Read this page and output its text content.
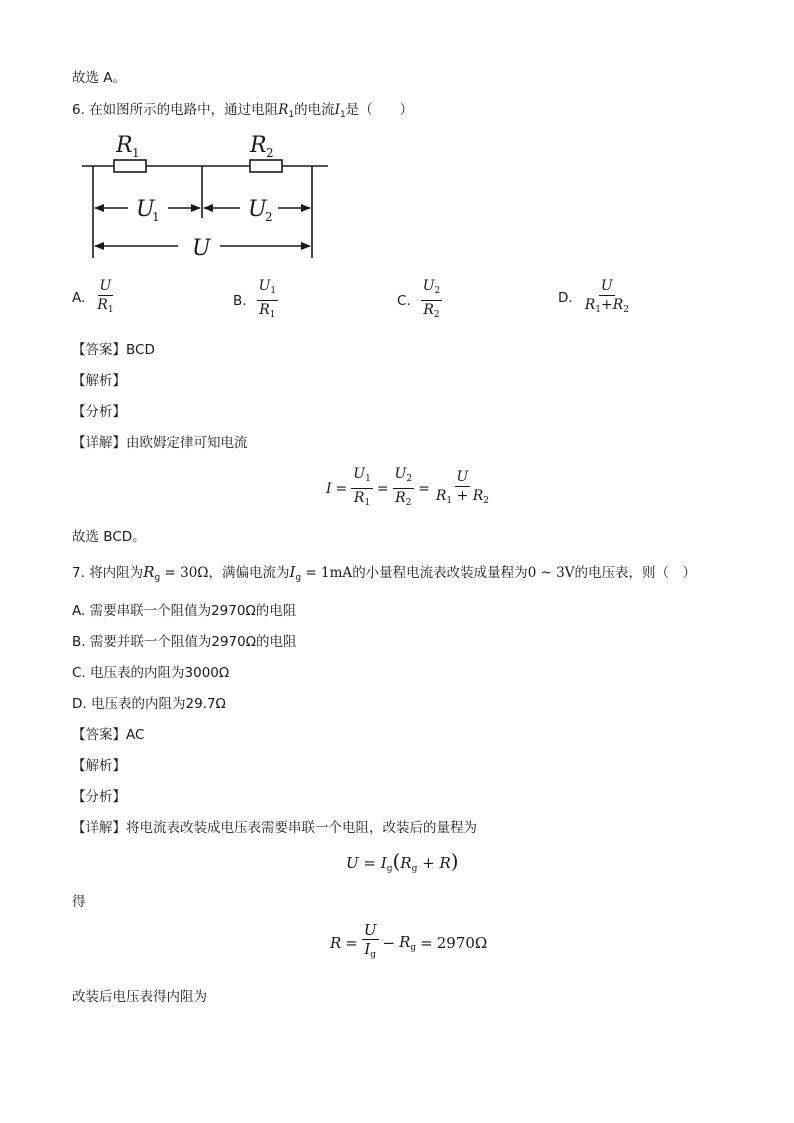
故选 A。
6. 在如图所示的电路中，通过电阻$R_1$的电流$I_1$是（　　）
R 1	R 2
U
1	U
2
U
A. $\frac{U}{R_1}$	B. $\frac{U_1}{R_1}$	C. $\frac{U_2}{R_2}$	D. $\frac{U}{R_1+R_2}$
【答案】BCD
【解析】
【分析】
【详解】由欧姆定律可知电流
$I = \frac{U_1}{R_1} = \frac{U_2}{R_2} = \frac{U}{R_1 + R_2}$
故选 BCD。
7. 将内阻为$R_g = 30\Omega$，满偏电流为$I_g = 1mA$的小量程电流表改装成量程为0 ~ 3V的电压表，则（　）
A. 需要串联一个阻值为2970Ω的电阻
B. 需要并联一个阻值为2970Ω的电阻
C. 电压表的内阻为3000Ω
D. 电压表的内阻为29.7Ω
【答案】AC
【解析】
【分析】
【详解】将电流表改装成电压表需要串联一个电阻，改装后的量程为
$U = I_g(R_g + R)$
得
$R = \frac{U}{I_g} - R_g = 2970\Omega$
改装后电压表得内阻为
